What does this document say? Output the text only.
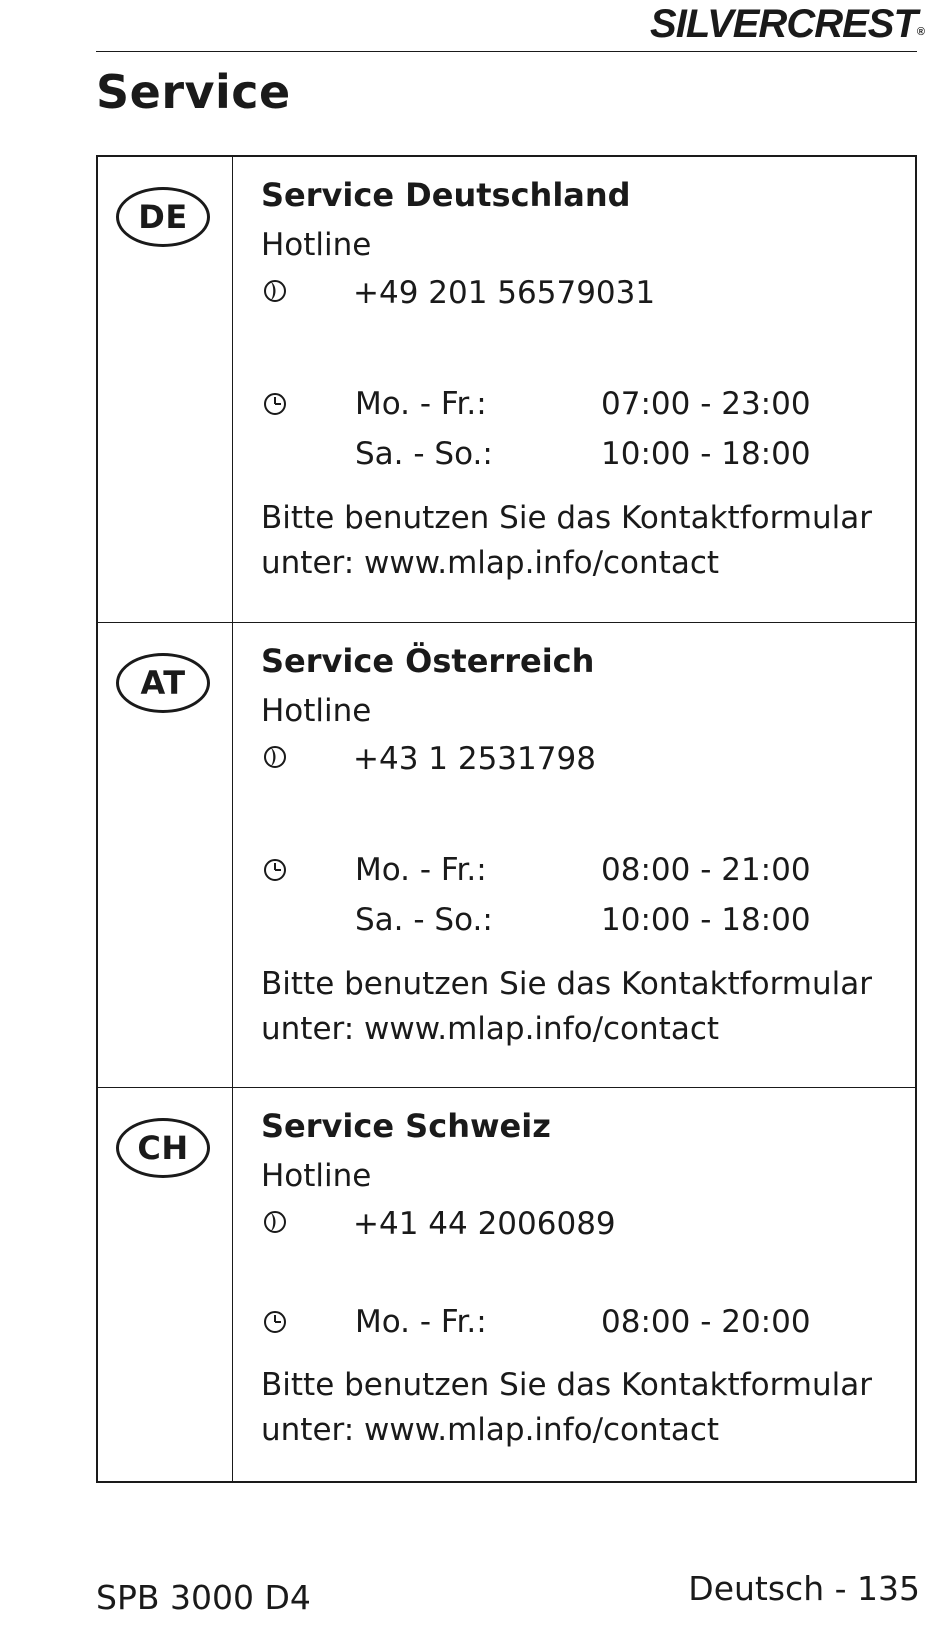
SILVERCREST®
Service
DE
Service Deutschland
Hotline
+49 201 56579031
Mo. - Fr.:	07:00 - 23:00
Sa. - So.:	10:00 - 18:00
Bitte benutzen Sie das Kontaktformular
unter: www.mlap.info/contact
AT
Service Österreich
Hotline
+43 1 2531798
Mo. - Fr.:	08:00 - 21:00
Sa. - So.:	10:00 - 18:00
Bitte benutzen Sie das Kontaktformular
unter: www.mlap.info/contact
CH
Service Schweiz
Hotline
+41 44 2006089
Mo. - Fr.:	08:00 - 20:00
Bitte benutzen Sie das Kontaktformular
unter: www.mlap.info/contact
SPB 3000 D4	Deutsch - 135
